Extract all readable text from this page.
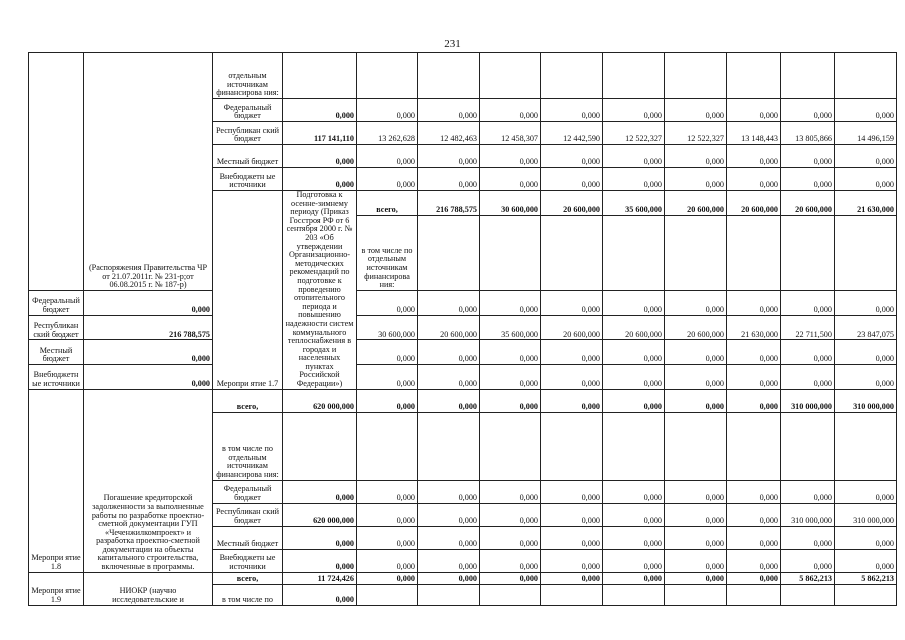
231
	(Распоряжения Правительства ЧР от 21.07.2011г. № 231-р;от 06.08.2015 г. № 187-р)	отдельным источникам финансирова ния:											
		Федеральный бюджет	0,000	0,000	0,000	0,000	0,000	0,000	0,000	0,000	0,000	0,000	
		Республикан ский бюджет	117 141,110	13 262,628	12 482,463	12 458,307	12 442,590	12 522,327	12 522,327	13 148,443	13 805,866	14 496,159	
		Местный бюджет	0,000	0,000	0,000	0,000	0,000	0,000	0,000	0,000	0,000	0,000	
		Внебюджетн ые источники	0,000	0,000	0,000	0,000	0,000	0,000	0,000	0,000	0,000	0,000	
		Меропри ятие 1.7	Подготовка к осенне-зимнему периоду (Приказ Госстроя РФ от 6 сентября 2000 г. № 203 «Об утверждении Организационно-методических рекомендаций по подготовке к проведению отопительного периода и повышению надежности систем коммунального теплоснабжения в городах и населенных пунктах Российской Федерации»)	всего,	216 788,575	30 600,000	20 600,000	35 600,000	20 600,000	20 600,000	20 600,000	21 630,000		
				в том числе по отдельным источникам финансирова ния:										
Федеральный бюджет	0,000			0,000	0,000	0,000	0,000	0,000	0,000	0,000	0,000	0,000	
Республикан ский бюджет	216 788,575			30 600,000	20 600,000	35 600,000	20 600,000	20 600,000	20 600,000	21 630,000	22 711,500	23 847,075	
Местный бюджет	0,000			0,000	0,000	0,000	0,000	0,000	0,000	0,000	0,000	0,000	
Внебюджетн ые источники	0,000			0,000	0,000	0,000	0,000	0,000	0,000	0,000	0,000	0,000	
Меропри ятие 1.8	Погашение кредиторской задолженности за выполненные работы по разработке проектно-сметной документации ГУП «Чеченжилкомпроект» и разработка проектно-сметной документации на объекты капитального строительства, включенные в программы.	всего,	620 000,000	0,000	0,000	0,000	0,000	0,000	0,000	0,000	310 000,000	310 000,000	
		в том числе по отдельным источникам финансирова ния:											
		Федеральный бюджет	0,000	0,000	0,000	0,000	0,000	0,000	0,000	0,000	0,000	0,000	
		Республикан ский бюджет	620 000,000	0,000	0,000	0,000	0,000	0,000	0,000	0,000	310 000,000	310 000,000	
		Местный бюджет	0,000	0,000	0,000	0,000	0,000	0,000	0,000	0,000	0,000	0,000	
		Внебюджетн ые источники	0,000	0,000	0,000	0,000	0,000	0,000	0,000	0,000	0,000	0,000	
Меропри ятие 1.9	НИОКР (научно исследовательские и	всего,	11 724,426	0,000	0,000	0,000	0,000	0,000	0,000	0,000	5 862,213	5 862,213	
		в том числе по	0,000										
